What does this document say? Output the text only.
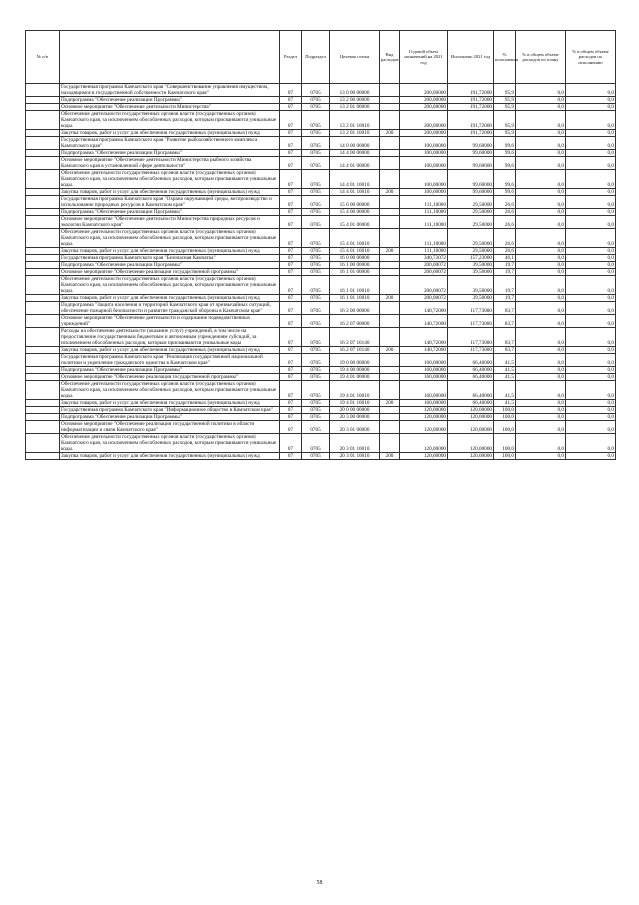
№ п/п		Раздел	Подраздел	Целевая статья	Вид расходов	Годовой объем назначений на 2021 год	Исполнено 2021 год	% исполнения	% в общем объеме расходов по плану	% в общем объеме расходов по исполнению
	Государственная программа Камчатского края "Совершенствование управления имуществом, находящимся в государственной собственности Камчатского края"	07	0705	13 0 00 00000		200,00000	191,72000	95,9	0,0	0,0
	Подпрограмма "Обеспечение реализации Программы"	07	0705	13 2 00 00000		200,00000	191,72000	95,9	0,0	0,0
	Основное мероприятие "Обеспечение деятельности Министерства"	07	0705	13 2 01 00000		200,00000	191,72000	95,9	0,0	0,0
	Обеспечение деятельности государственных органов власти (государственных органов) Камчатского края, за исключением обособленных расходов, которым присваиваются уникальные коды.	07	0705	13 2 01 10010		200,00000	191,72000	95,9	0,0	0,0
	Закупка товаров, работ и услуг для обеспечения государственных (муниципальных) нужд	07	0705	13 2 01 10010	200	200,00000	191,72000	95,9	0,0	0,0
	Государственная программа Камчатского края "Развитие рыбохозяйственного комплекса Камчатского края"	07	0705	14 0 00 00000		100,00000	99,60000	99,6	0,0	0,0
	Подпрограмма "Обеспечение реализации Программы"	07	0705	14 4 00 00000		100,00000	99,60000	99,6	0,0	0,0
	Основное мероприятие "Обеспечение деятельности Министерства рыбного хозяйства Камчатского края в установленной сфере деятельности"	07	0705	14 4 01 00000		100,00000	99,60000	99,6	0,0	0,0
	Обеспечение деятельности государственных органов власти (государственных органов) Камчатского края, за исключением обособленных расходов, которым присваиваются уникальные коды.	07	0705	14 4 01 10010		100,00000	99,60000	99,6	0,0	0,0
	Закупка товаров, работ и услуг для обеспечения государственных (муниципальных) нужд	07	0705	14 4 01 10010	200	100,00000	99,60000	99,6	0,0	0,0
	Государственная программа Камчатского края "Охрана окружающей среды, воспроизводство и использование природных ресурсов в Камчатском крае"	07	0705	15 0 00 00000		111,10000	29,50000	26,6	0,0	0,0
	Подпрограмма "Обеспечение реализации Программы"	07	0705	15 4 00 00000		111,10000	29,50000	26,6	0,0	0,0
	Основное мероприятие "Обеспечение деятельности Министерства природных ресурсов и экологии Камчатского края"	07	0705	15 4 01 00000		111,10000	29,50000	26,6	0,0	0,0
	Обеспечение деятельности государственных органов власти (государственных органов) Камчатского края, за исключением обособленных расходов, которым присваиваются уникальные коды.	07	0705	15 4 01 10010		111,10000	29,50000	26,6	0,0	0,0
	Закупка товаров, работ и услуг для обеспечения государственных (муниципальных) нужд	07	0705	15 4 01 10010	200	111,10000	29,50000	26,6	0,0	0,0
	Государственная программа Камчатского края "Безопасная Камчатка"	07	0705	16 0 00 00000		340,72072	157,23000	46,1	0,0	0,0
	Подпрограмма "Обеспечение реализации Программы"	07	0705	16 1 00 00000		200,00072	39,50000	19,7	0,0	0,0
	Основное мероприятие "Обеспечение реализации государственной программы"	07	0705	16 1 01 00000		200,00072	39,50000	19,7	0,0	0,0
	Обеспечение деятельности государственных органов власти (государственных органов) Камчатского края, за исключением обособленных расходов, которым присваиваются уникальные коды.	07	0705	16 1 01 10010		200,00072	39,50000	19,7	0,0	0,0
	Закупка товаров, работ и услуг для обеспечения государственных (муниципальных) нужд	07	0705	16 1 01 10010	200	200,00072	39,50000	19,7	0,0	0,0
	Подпрограмма "Защита населения и территорий Камчатского края от чрезвычайных ситуаций, обеспечение пожарной безопасности и развитие гражданской обороны в Камчатском крае"	07	0705	16 2 00 00000		140,72000	117,73000	83,7	0,0	0,0
	Основное мероприятие "Обеспечение деятельности и содержание подведомственных учреждений"	07	0705	16 2 07 00000		140,72000	117,73000	83,7	0,0	0,0
	Расходы на обеспечение деятельности (оказание услуг) учреждений, в том числе на предоставление государственным бюджетным и автономным учреждениям субсидий, за исключением обособленных расходов, которым присваиваются уникальные коды	07	0705	16 2 07 10140		140,72000	117,73000	83,7	0,0	0,0
	Закупка товаров, работ и услуг для обеспечения государственных (муниципальных) нужд	07	0705	16 2 07 10140	200	140,72000	117,73000	83,7	0,0	0,0
	Государственная программа Камчатского края "Реализация государственной национальной политики и укрепление гражданского единства в Камчатском крае"	07	0705	19 0 00 00000		160,00000	66,40000	41,5	0,0	0,0
	Подпрограмма "Обеспечение реализации Программы"	07	0705	19 4 00 00000		160,00000	66,40000	41,5	0,0	0,0
	Основное мероприятие "Обеспечение реализации государственной программы"	07	0705	19 4 01 00000		160,00000	66,40000	41,5	0,0	0,0
	Обеспечение деятельности государственных органов власти (государственных органов) Камчатского края, за исключением обособленных расходов, которым присваиваются уникальные коды.	07	0705	19 4 01 10010		160,00000	66,40000	41,5	0,0	0,0
	Закупка товаров, работ и услуг для обеспечения государственных (муниципальных) нужд	07	0705	19 4 01 10010	200	160,00000	66,40000	41,5	0,0	0,0
	Государственная программа Камчатского края "Информационное общество в Камчатском крае"	07	0705	20 0 00 00000		120,00000	120,00000	100,0	0,0	0,0
	Подпрограмма "Обеспечение реализации Программы"	07	0705	20 3 00 00000		120,00000	120,00000	100,0	0,0	0,0
	Основное мероприятие "Обеспечение реализации государственной политики в области информатизации и связи Камчатского края"	07	0705	20 3 01 00000		120,00000	120,00000	100,0	0,0	0,0
	Обеспечение деятельности государственных органов власти (государственных органов) Камчатского края, за исключением обособленных расходов, которым присваиваются уникальные коды.	07	0705	20 3 01 10010		120,00000	120,00000	100,0	0,0	0,0
	Закупка товаров, работ и услуг для обеспечения государственных (муниципальных) нужд	07	0705	20 3 01 10010	200	120,00000	120,00000	100,0	0,0	0,0
58
